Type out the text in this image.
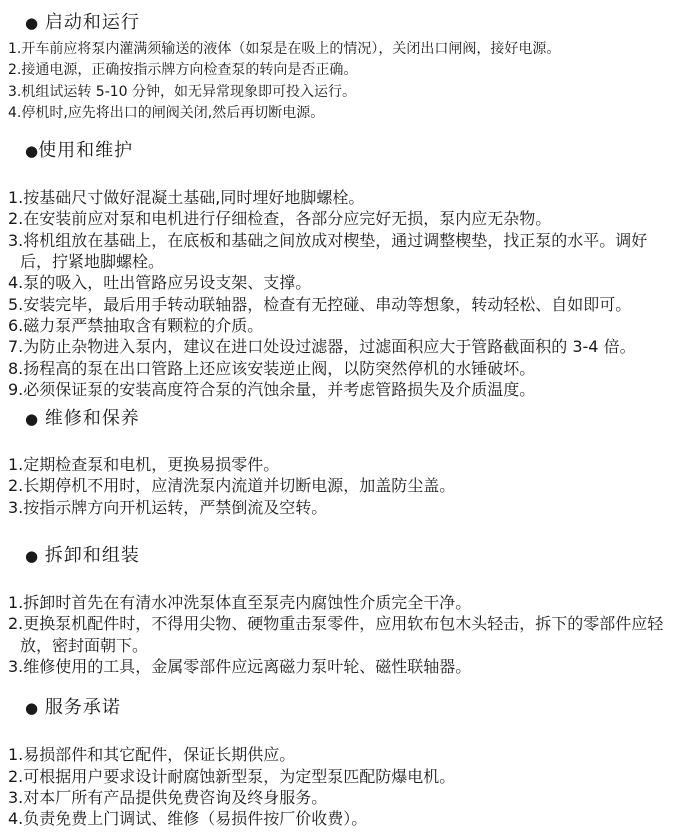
● 启动和运行

1.开车前应将泵内灌满须输送的液体（如泵是在吸上的情况），关闭出口闸阀，接好电源。

2.接通电源，正确按指示牌方向检查泵的转向是否正确。

3.机组试运转 5-10 分钟，如无异常现象即可投入运行。

4.停机时,应先将出口的闸阀关闭,然后再切断电源。

●使用和维护

1.按基础尺寸做好混凝土基础,同时埋好地脚螺栓。

2.在安装前应对泵和电机进行仔细检查，各部分应完好无损，泵内应无杂物。

3.将机组放在基础上，在底板和基础之间放成对楔垫，通过调整楔垫，找正泵的水平。调好后，拧紧地脚螺栓。

4.泵的吸入，吐出管路应另设支架、支撑。

5.安装完毕，最后用手转动联轴器，检查有无控碰、串动等想象，转动轻松、自如即可。

6.磁力泵严禁抽取含有颗粒的介质。

7.为防止杂物进入泵内，建议在进口处设过滤器，过滤面积应大于管路截面积的 3-4 倍。

8.扬程高的泵在出口管路上还应该安装逆止阀，以防突然停机的水锤破坏。

9.必须保证泵的安装高度符合泵的汽蚀余量，并考虑管路损失及介质温度。

● 维修和保养

1.定期检查泵和电机，更换易损零件。

2.长期停机不用时，应清洗泵内流道并切断电源，加盖防尘盖。

3.按指示牌方向开机运转，严禁倒流及空转。

● 拆卸和组装

1.拆卸时首先在有清水冲洗泵体直至泵壳内腐蚀性介质完全干净。

2.更换泵机配件时，不得用尖物、硬物重击泵零件，应用软布包木头轻击，拆下的零部件应轻放，密封面朝下。

3.维修使用的工具，金属零部件应远离磁力泵叶轮、磁性联轴器。

● 服务承诺

1.易损部件和其它配件，保证长期供应。

2.可根据用户要求设计耐腐蚀新型泵，为定型泵匹配防爆电机。

3.对本厂所有产品提供免费咨询及终身服务。

4.负责免费上门调试、维修（易损件按厂价收费）。
